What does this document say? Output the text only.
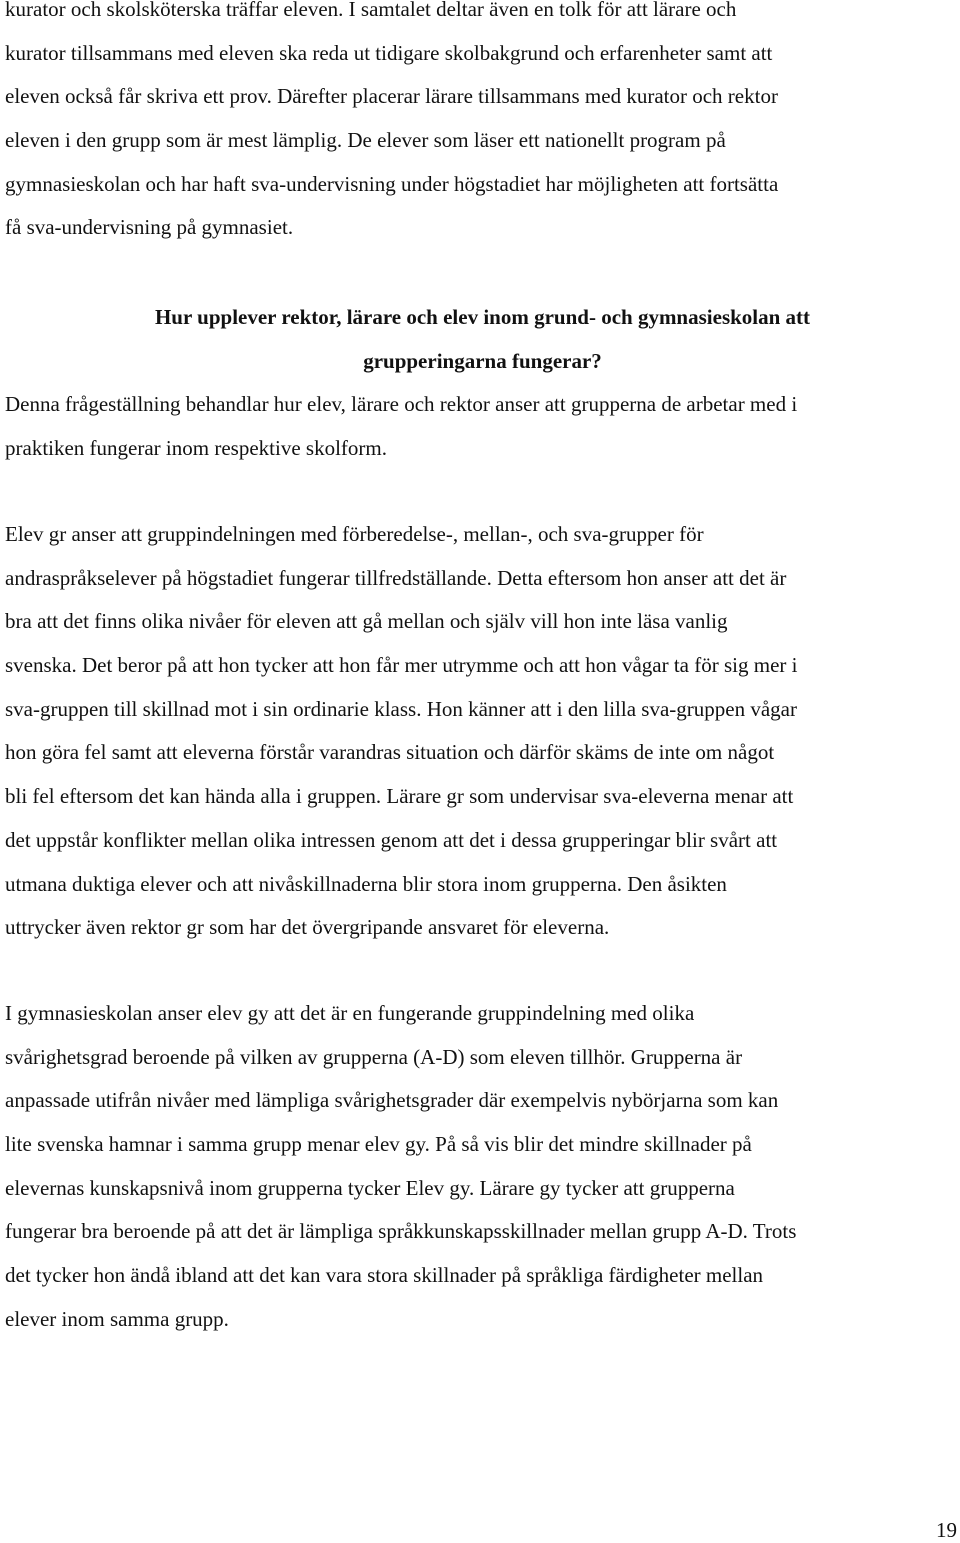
kurator och skolsköterska träffar eleven. I samtalet deltar även en tolk för att lärare och
kurator tillsammans med eleven ska reda ut tidigare skolbakgrund och erfarenheter samt att
eleven också får skriva ett prov. Därefter placerar lärare tillsammans med kurator och rektor
eleven i den grupp som är mest lämplig. De elever som läser ett nationellt program på
gymnasieskolan och har haft sva-undervisning under högstadiet har möjligheten att fortsätta
få sva-undervisning på gymnasiet.
Hur upplever rektor, lärare och elev inom grund- och gymnasieskolan att
grupperingarna fungerar?
Denna frågeställning behandlar hur elev, lärare och rektor anser att grupperna de arbetar med i
praktiken fungerar inom respektive skolform.
Elev gr anser att gruppindelningen med förberedelse-, mellan-, och sva-grupper för
andraspråkselever på högstadiet fungerar tillfredställande. Detta eftersom hon anser att det är
bra att det finns olika nivåer för eleven att gå mellan och själv vill hon inte läsa vanlig
svenska. Det beror på att hon tycker att hon får mer utrymme och att hon vågar ta för sig mer i
sva-gruppen till skillnad mot i sin ordinarie klass. Hon känner att i den lilla sva-gruppen vågar
hon göra fel samt att eleverna förstår varandras situation och därför skäms de inte om något
bli fel eftersom det kan hända alla i gruppen. Lärare gr som undervisar sva-eleverna menar att
det uppstår konflikter mellan olika intressen genom att det i dessa grupperingar blir svårt att
utmana duktiga elever och att nivåskillnaderna blir stora inom grupperna. Den åsikten
uttrycker även rektor gr som har det övergripande ansvaret för eleverna.
I gymnasieskolan anser elev gy att det är en fungerande gruppindelning med olika
svårighetsgrad beroende på vilken av grupperna (A-D) som eleven tillhör. Grupperna är
anpassade utifrån nivåer med lämpliga svårighetsgrader där exempelvis nybörjarna som kan
lite svenska hamnar i samma grupp menar elev gy. På så vis blir det mindre skillnader på
elevernas kunskapsnivå inom grupperna tycker Elev gy. Lärare gy tycker att grupperna
fungerar bra beroende på att det är lämpliga språkkunskapsskillnader mellan grupp A-D. Trots
det tycker hon ändå ibland att det kan vara stora skillnader på språkliga färdigheter mellan
elever inom samma grupp.
19
